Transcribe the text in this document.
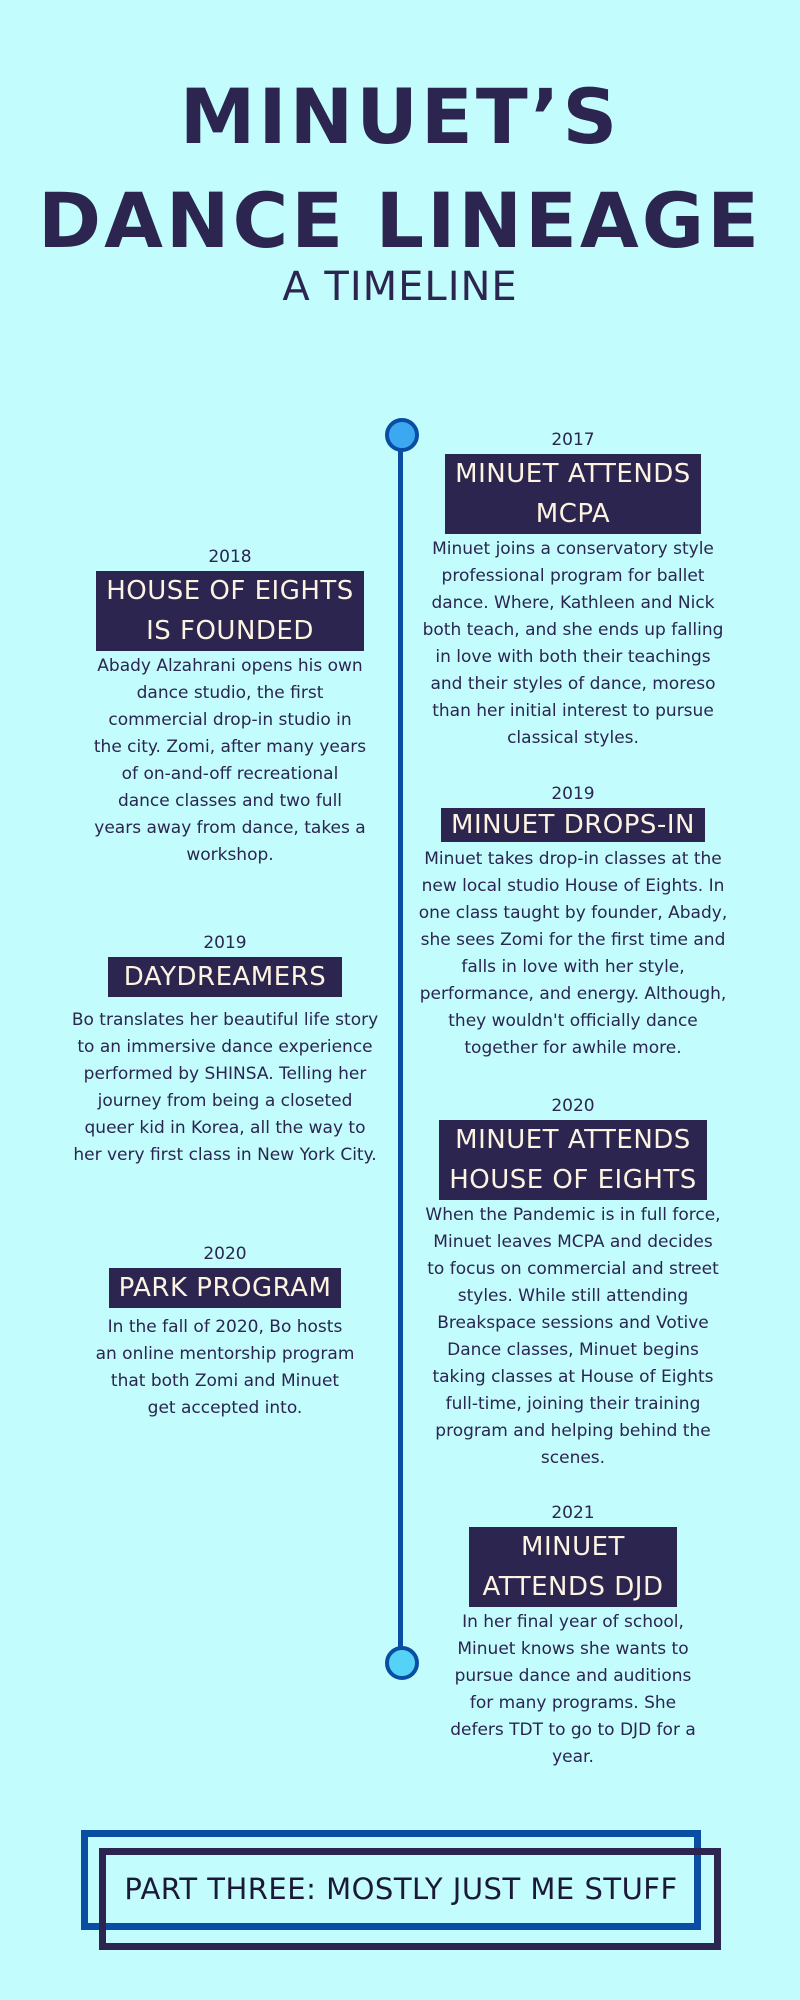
MINUET’S
DANCE LINEAGE
A TIMELINE
2018
HOUSE OF EIGHTS
IS FOUNDED
Abady Alzahrani opens his own
dance studio, the first
commercial drop-in studio in
the city. Zomi, after many years
of on-and-off recreational
dance classes and two full
years away from dance, takes a
workshop.
2019
DAYDREAMERS
Bo translates her beautiful life story
to an immersive dance experience
performed by SHINSA. Telling her
journey from being a closeted
queer kid in Korea, all the way to
her very first class in New York City.
2020
PARK PROGRAM
In the fall of 2020, Bo hosts
an online mentorship program
that both Zomi and Minuet
get accepted into.
2017
MINUET ATTENDS
MCPA
Minuet joins a conservatory style
professional program for ballet
dance. Where, Kathleen and Nick
both teach, and she ends up falling
in love with both their teachings
and their styles of dance, moreso
than her initial interest to pursue
classical styles.
2019
MINUET DROPS-IN
Minuet takes drop-in classes at the
new local studio House of Eights. In
one class taught by founder, Abady,
she sees Zomi for the first time and
falls in love with her style,
performance, and energy. Although,
they wouldn't officially dance
together for awhile more.
2020
MINUET ATTENDS
HOUSE OF EIGHTS
When the Pandemic is in full force,
Minuet leaves MCPA and decides
to focus on commercial and street
styles. While still attending
Breakspace sessions and Votive
Dance classes, Minuet begins
taking classes at House of Eights
full-time, joining their training
program and helping behind the
scenes.
2021
MINUET
ATTENDS DJD
In her final year of school,
Minuet knows she wants to
pursue dance and auditions
for many programs. She
defers TDT to go to DJD for a
year.
PART THREE: MOSTLY JUST ME STUFF
